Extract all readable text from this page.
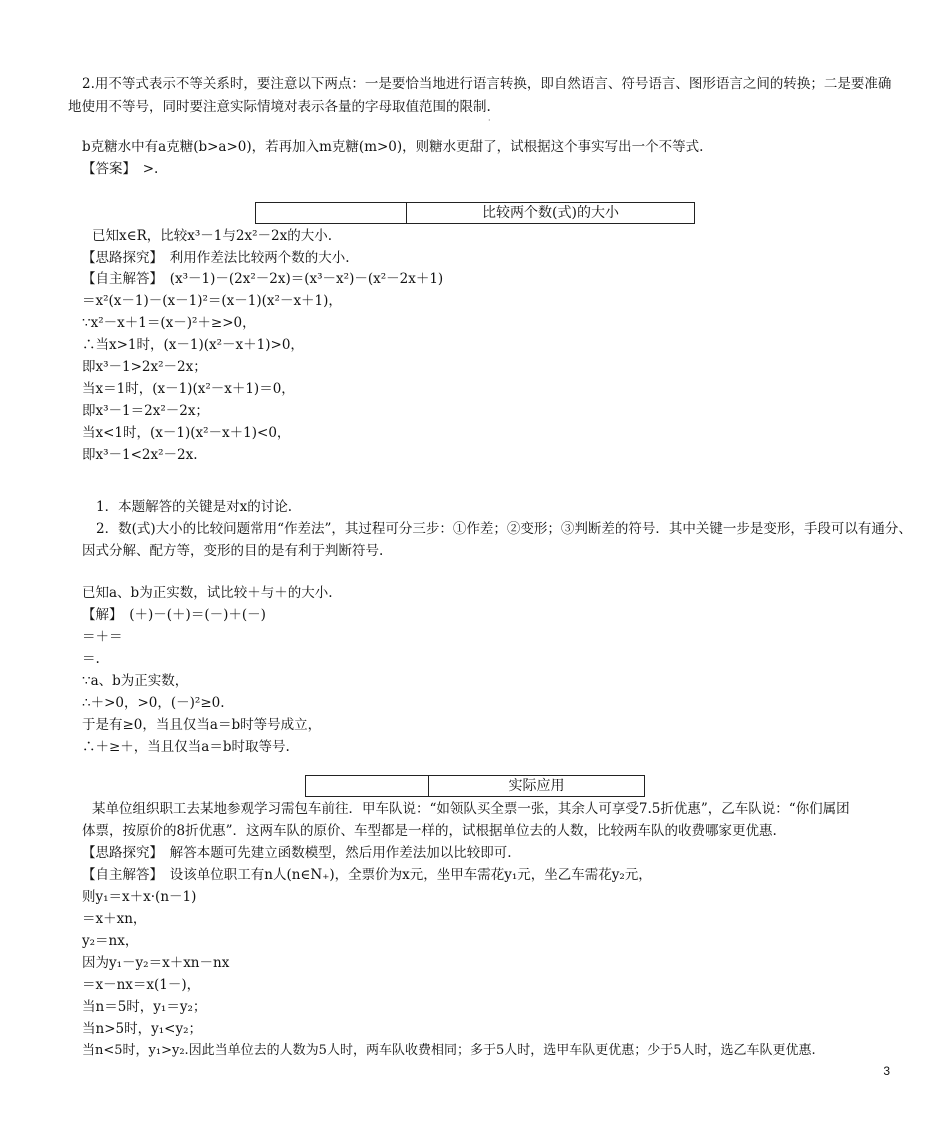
2.用不等式表示不等关系时，要注意以下两点：一是要恰当地进行语言转换，即自然语言、符号语言、图形语言之间的转换；二是要准确
地使用不等号，同时要注意实际情境对表示各量的字母取值范围的限制.
·
b克糖水中有a克糖(b>a>0)，若再加入m克糖(m>0)，则糖水更甜了，试根据这个事实写出一个不等式.
【答案】　>.
比较两个数(式)的大小
已知x∈R，比较x³－1与2x²－2x的大小.
【思路探究】　利用作差法比较两个数的大小.
【自主解答】　(x³－1)－(2x²－2x)＝(x³－x²)－(x²－2x＋1)
＝x²(x－1)－(x－1)²＝(x－1)(x²－x＋1)，
∵x²－x＋1＝(x－)²＋≥>0，
∴当x>1时，(x－1)(x²－x＋1)>0，
即x³－1>2x²－2x；
当x＝1时，(x－1)(x²－x＋1)＝0，
即x³－1＝2x²－2x；
当x<1时，(x－1)(x²－x＋1)<0，
即x³－1<2x²－2x.
1．本题解答的关键是对x的讨论.
2．数(式)大小的比较问题常用“作差法”，其过程可分三步：①作差；②变形；③判断差的符号．其中关键一步是变形，手段可以有通分、
因式分解、配方等，变形的目的是有利于判断符号.
已知a、b为正实数，试比较＋与＋的大小.
【解】　(＋)－(＋)＝(－)＋(－)
＝＋＝
＝.
∵a、b为正实数，
∴＋>0，>0，(－)²≥0.
于是有≥0，当且仅当a＝b时等号成立，
∴＋≥＋，当且仅当a＝b时取等号.
实际应用
某单位组织职工去某地参观学习需包车前往．甲车队说：“如领队买全票一张，其余人可享受7.5折优惠”，乙车队说：“你们属团
体票，按原价的8折优惠”．这两车队的原价、车型都是一样的，试根据单位去的人数，比较两车队的收费哪家更优惠.
【思路探究】　解答本题可先建立函数模型，然后用作差法加以比较即可.
【自主解答】　设该单位职工有n人(n∈N₊)，全票价为x元，坐甲车需花y₁元，坐乙车需花y₂元，
则y₁＝x＋x·(n－1)
＝x＋xn，
y₂＝nx，
因为y₁－y₂＝x＋xn－nx
＝x－nx＝x(1－)，
当n＝5时，y₁＝y₂；
当n>5时，y₁<y₂；
当n<5时，y₁>y₂.因此当单位去的人数为5人时，两车队收费相同；多于5人时，选甲车队更优惠；少于5人时，选乙车队更优惠.
3
